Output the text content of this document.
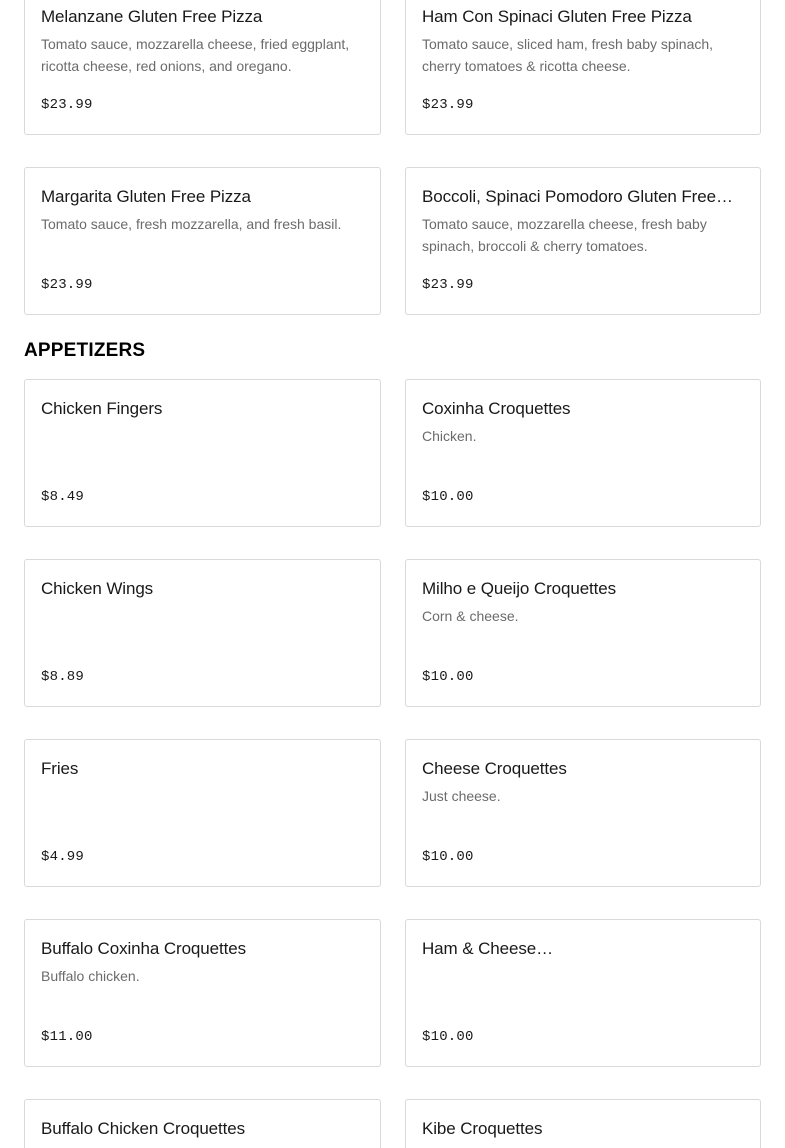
Melanzane Gluten Free Pizza
Tomato sauce, mozzarella cheese, fried eggplant, ricotta cheese, red onions, and oregano.
$23.99
Ham Con Spinaci Gluten Free Pizza
Tomato sauce, sliced ham, fresh baby spinach, cherry tomatoes & ricotta cheese.
$23.99
Margarita Gluten Free Pizza
Tomato sauce, fresh mozzarella, and fresh basil.
$23.99
Boccoli, Spinaci Pomodoro Gluten Free…
Tomato sauce, mozzarella cheese, fresh baby spinach, broccoli & cherry tomatoes.
$23.99
APPETIZERS
Chicken Fingers
$8.49
Coxinha Croquettes
Chicken.
$10.00
Chicken Wings
$8.89
Milho e Queijo Croquettes
Corn & cheese.
$10.00
Fries
$4.99
Cheese Croquettes
Just cheese.
$10.00
Buffalo Coxinha Croquettes
Buffalo chicken.
$11.00
Ham & Cheese…
$10.00
Buffalo Chicken Croquettes	Kibe Croquettes
